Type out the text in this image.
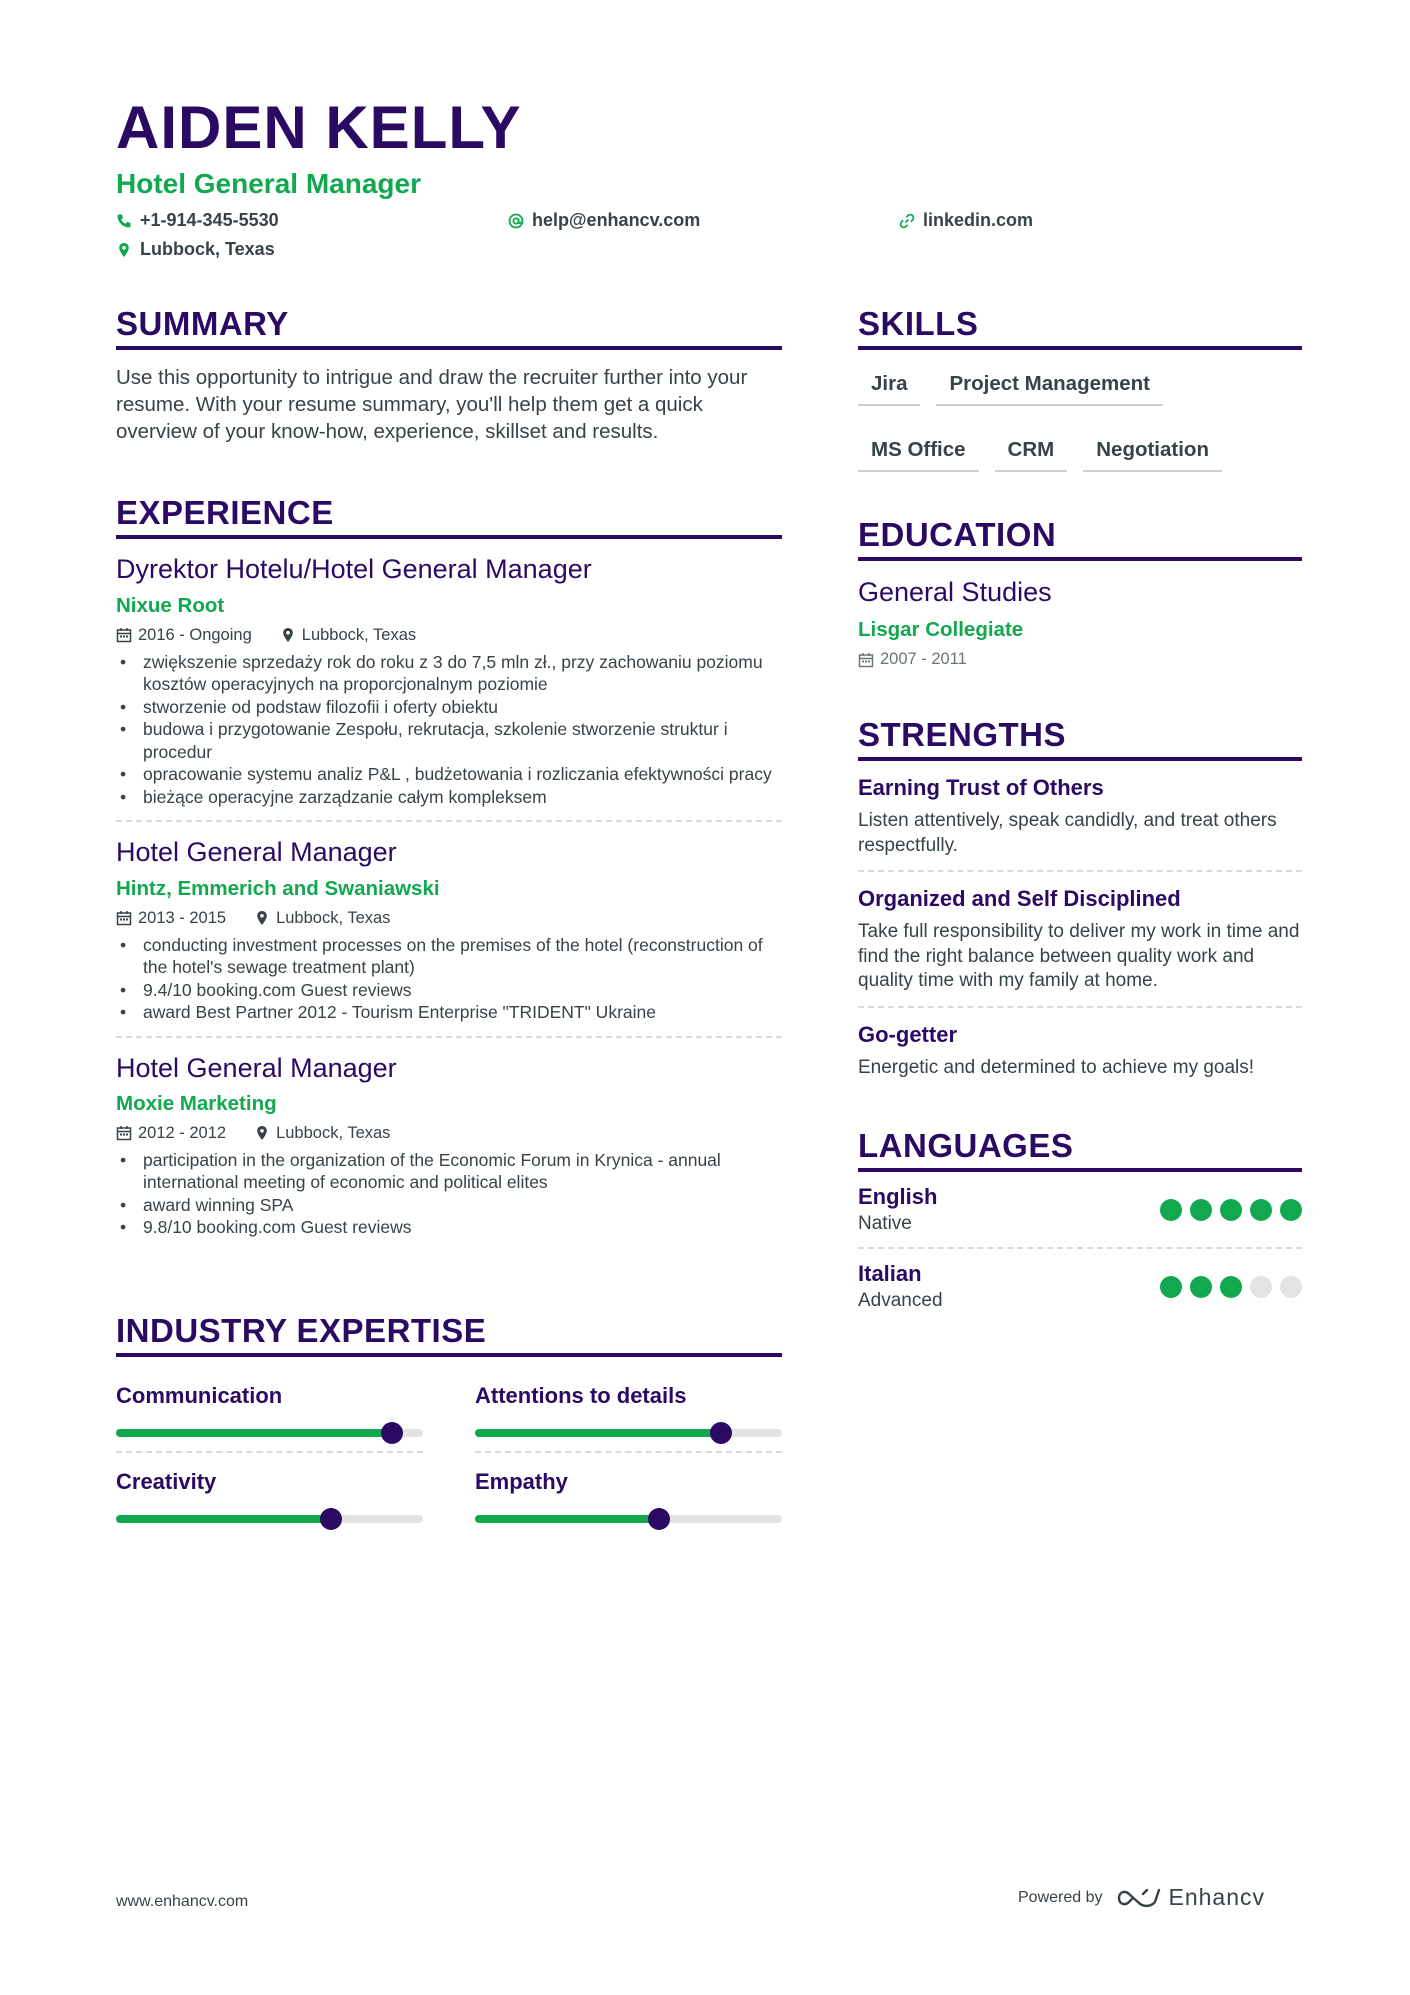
AIDEN KELLY
Hotel General Manager
+1-914-345-5530	help@enhancv.com	linkedin.com
Lubbock, Texas
SUMMARY
Use this opportunity to intrigue and draw the recruiter further into your resume. With your resume summary, you'll help them get a quick overview of your know-how, experience, skillset and results.
EXPERIENCE
Dyrektor Hotelu/Hotel General Manager
Nixue Root
2016 - Ongoing	Lubbock, Texas
• zwiększenie sprzedaży rok do roku z 3 do 7,5 mln zł., przy zachowaniu poziomu kosztów operacyjnych na proporcjonalnym poziomie
• stworzenie od podstaw filozofii i oferty obiektu
• budowa i przygotowanie Zespołu, rekrutacja, szkolenie stworzenie struktur i procedur
• opracowanie systemu analiz P&L , budżetowania i rozliczania efektywności pracy
• bieżące operacyjne zarządzanie całym kompleksem
Hotel General Manager
Hintz, Emmerich and Swaniawski
2013 - 2015	Lubbock, Texas
• conducting investment processes on the premises of the hotel (reconstruction of the hotel's sewage treatment plant)
• 9.4/10 booking.com Guest reviews
• award Best Partner 2012 - Tourism Enterprise "TRIDENT" Ukraine
Hotel General Manager
Moxie Marketing
2012 - 2012	Lubbock, Texas
• participation in the organization of the Economic Forum in Krynica - annual international meeting of economic and political elites
• award winning SPA
• 9.8/10 booking.com Guest reviews
INDUSTRY EXPERTISE
Communication	Attentions to details
Creativity	Empathy
SKILLS
Jira	Project Management
MS Office	CRM	Negotiation
EDUCATION
General Studies
Lisgar Collegiate
2007 - 2011
STRENGTHS
Earning Trust of Others
Listen attentively, speak candidly, and treat others respectfully.
Organized and Self Disciplined
Take full responsibility to deliver my work in time and find the right balance between quality work and quality time with my family at home.
Go-getter
Energetic and determined to achieve my goals!
LANGUAGES
English
Native
Italian
Advanced
www.enhancv.com	Powered by	Enhancv
